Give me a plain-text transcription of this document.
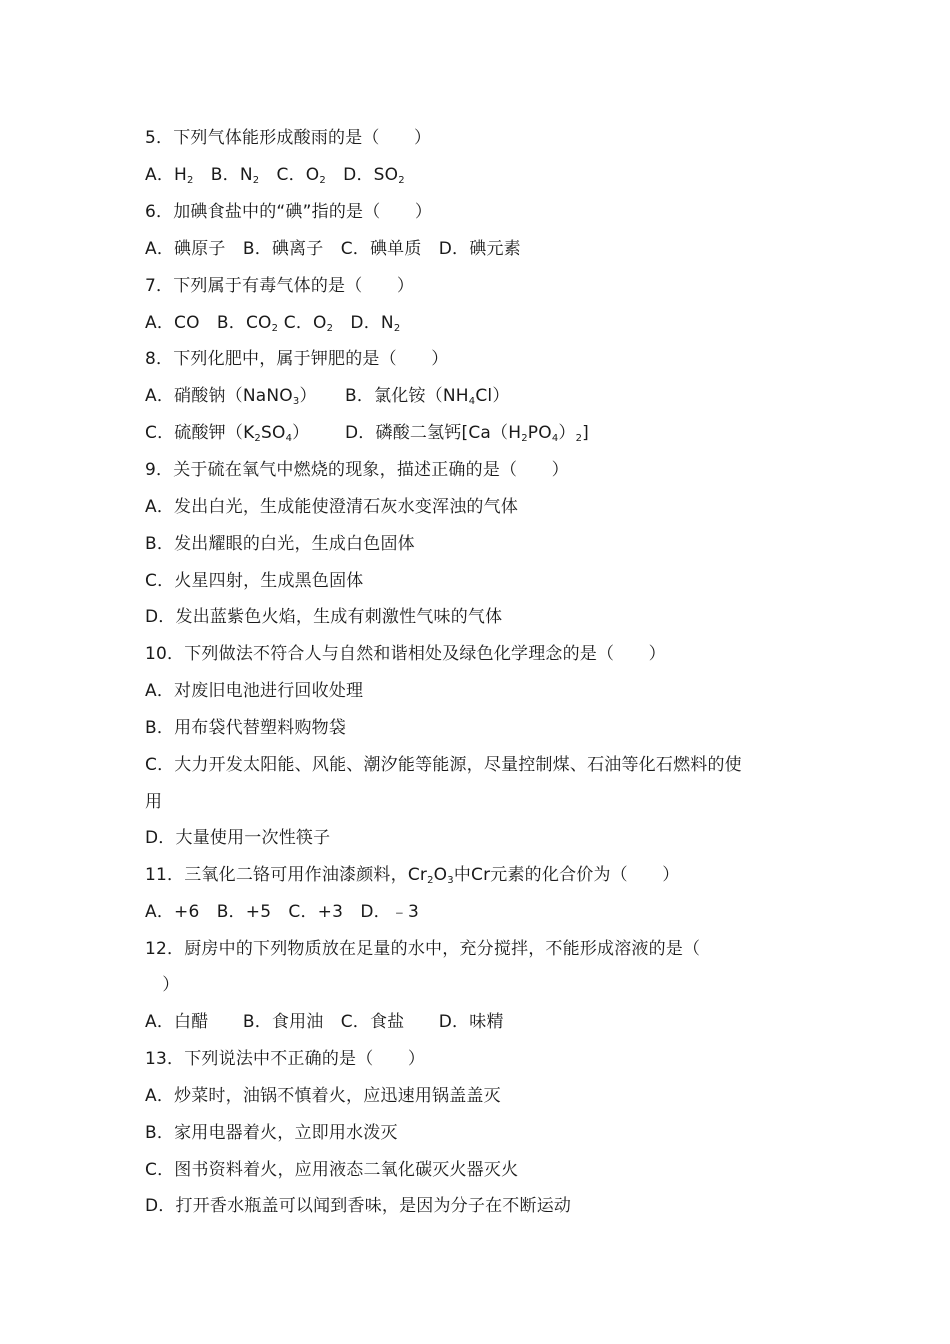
5．下列气体能形成酸雨的是（　　）
A．$H_2$　B．$N_2$　C．$O_2$　D．$SO_2$
6．加碘食盐中的“碘”指的是（　　）
A．碘原子　B．碘离子　C．碘单质　D．碘元素
7．下列属于有毒气体的是（　　）
A．CO　B．$CO_2$ C．$O_2$　D．$N_2$
8．下列化肥中，属于钾肥的是（　　）
A．硝酸钠（NaNO$_3$） B．氯化铵$(NH_4Cl)$
C．硫酸钾$(K_2SO_4)$ D．磷酸二氢钙$[Ca(H_2PO_4)_2]$
9．关于硫在氧气中燃烧的现象，描述正确的是（　　）
A．发出白光，生成能使澄清石灰水变浑浊的气体
B．发出耀眼的白光，生成白色固体
C．火星四射，生成黑色固体
D．发出蓝紫色火焰，生成有刺激性气味的气体
10．下列做法不符合人与自然和谐相处及绿色化学理念的是（　　）
A．对废旧电池进行回收处理
B．用布袋代替塑料购物袋
C．大力开发太阳能、风能、潮汐能等能源，尽量控制煤、石油等化石燃料的使
用
D．大量使用一次性筷子
11．三氧化二铬可用作油漆颜料，$Cr_2O_3$中Cr元素的化合价为（　　）
A．+6　B．+5　C．+3　D．﹣3
12．厨房中的下列物质放在足量的水中，充分搅拌，不能形成溶液的是（
　）
A．白醋　　B．食用油　C．食盐　　D．味精
13．下列说法中不正确的是（　　）
A．炒菜时，油锅不慎着火，应迅速用锅盖盖灭
B．家用电器着火，立即用水泼灭
C．图书资料着火，应用液态二氧化碳灭火器灭火
D．打开香水瓶盖可以闻到香味，是因为分子在不断运动
